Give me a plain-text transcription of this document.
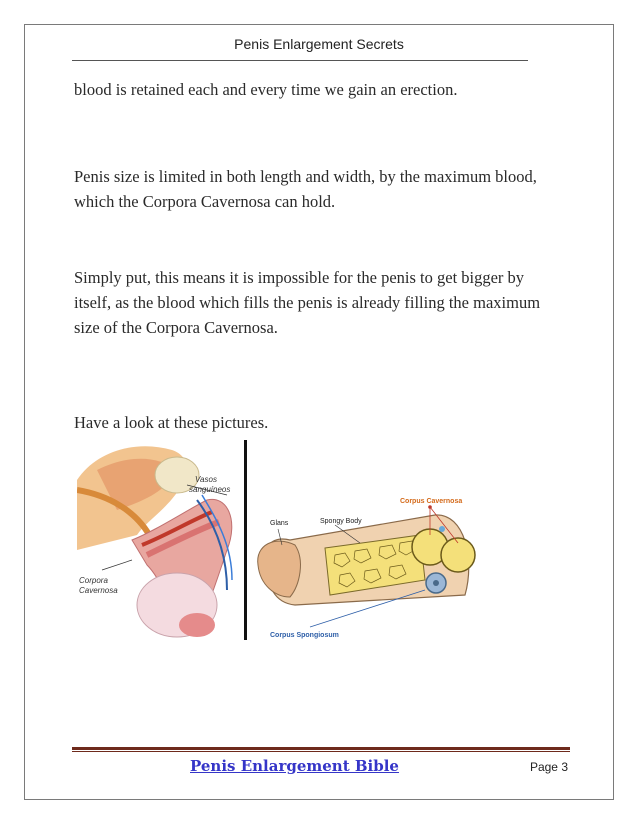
Penis Enlargement Secrets

blood is retained each and every time we gain an erection.

Penis size is limited in both length and width, by the maximum blood, which the Corpora Cavernosa can hold.

Simply put, this means it is impossible for the penis to get bigger by itself, as the blood which fills the penis is already filling the maximum size of the Corpora Cavernosa.

Have a look at these pictures.

Vasos
sanguíneos
Corpora
Cavernosa
Glans	Spongy Body
Corpus Cavernosa
Corpus Spongiosum
Penis Enlargement Bible	Page 3
